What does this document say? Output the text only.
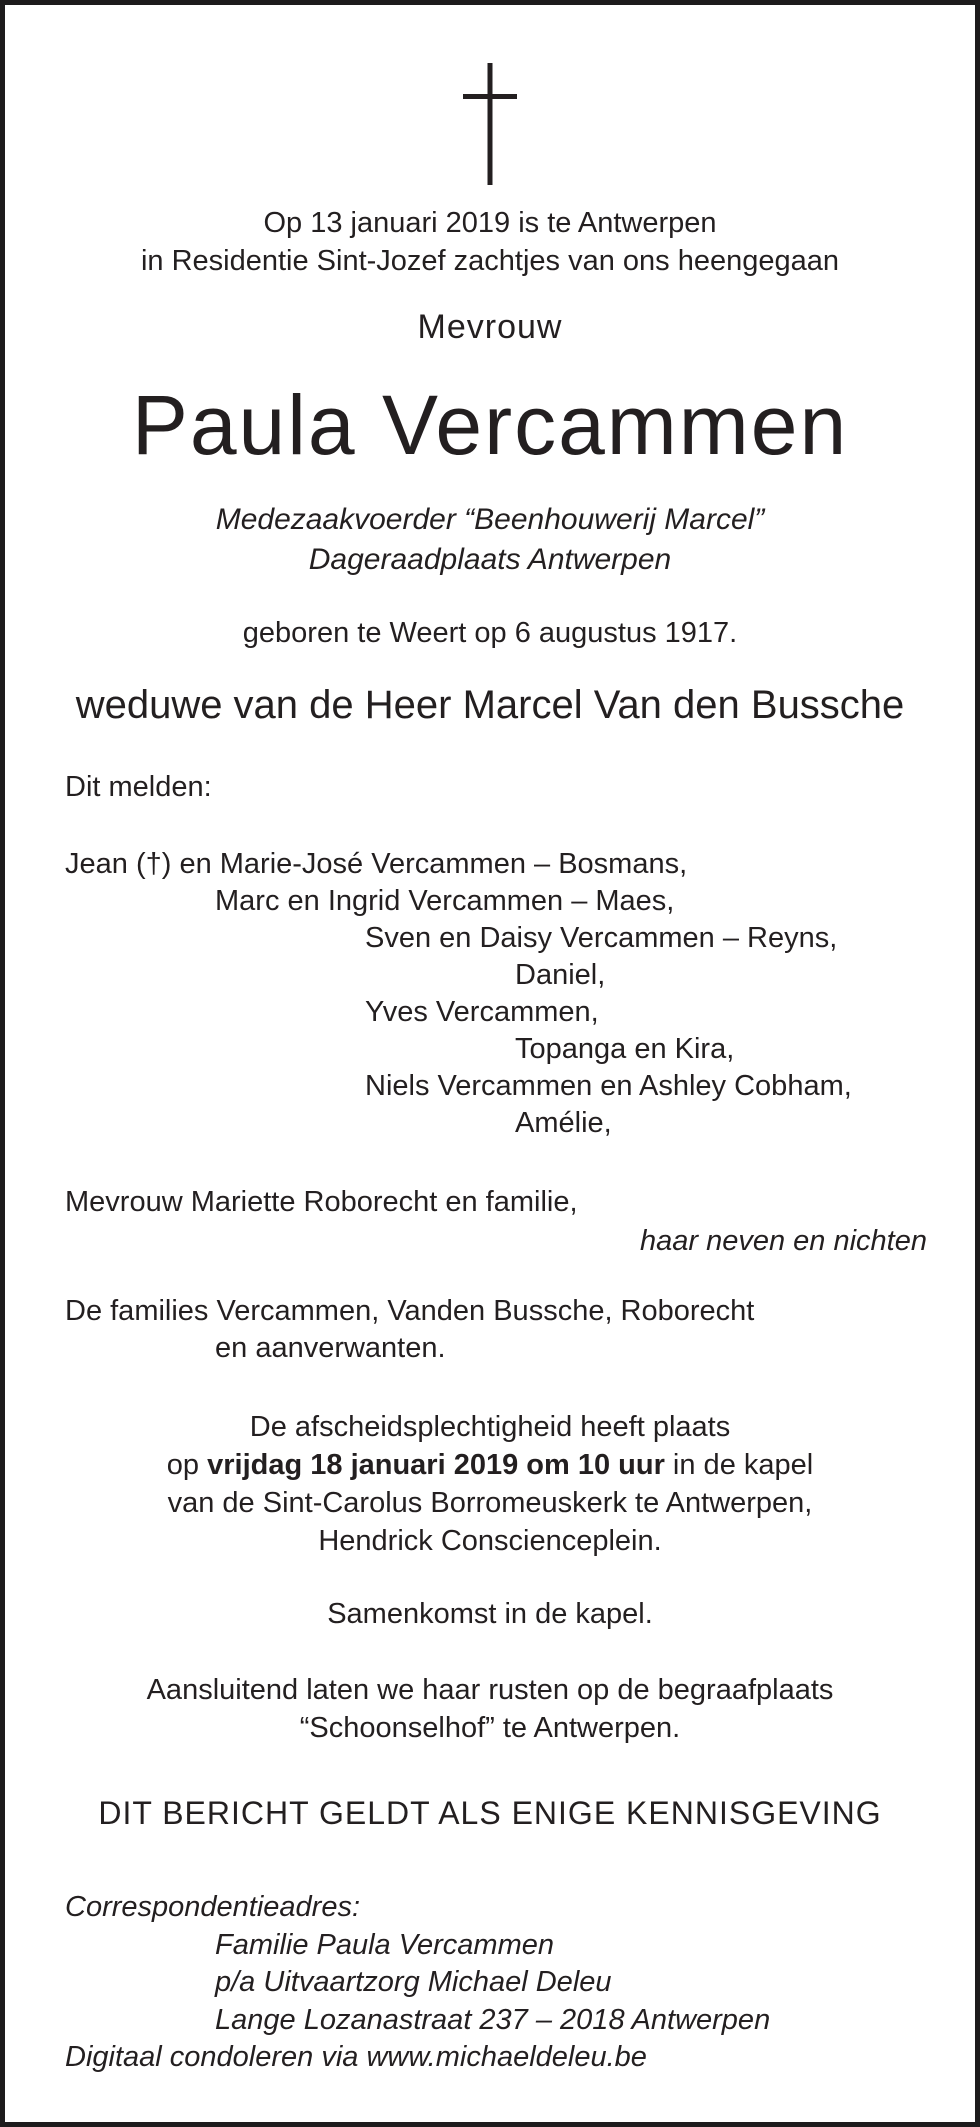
Op 13 januari 2019 is te Antwerpen
in Residentie Sint-Jozef zachtjes van ons heengegaan
Mevrouw
Paula Vercammen
Medezaakvoerder “Beenhouwerij Marcel”
Dageraadplaats Antwerpen
geboren te Weert op 6 augustus 1917.
weduwe van de Heer Marcel Van den Bussche
Dit melden:
Jean (†) en Marie-José Vercammen – Bosmans,
Marc en Ingrid Vercammen – Maes,
Sven en Daisy Vercammen – Reyns,
Daniel,
Yves Vercammen,
Topanga en Kira,
Niels Vercammen en Ashley Cobham,
Amélie,
Mevrouw Mariette Roborecht en familie,
haar neven en nichten
De families Vercammen, Vanden Bussche, Roborecht
en aanverwanten.
De afscheidsplechtigheid heeft plaats
op vrijdag 18 januari 2019 om 10 uur in de kapel
van de Sint-Carolus Borromeuskerk te Antwerpen,
Hendrick Conscienceplein.
Samenkomst in de kapel.
Aansluitend laten we haar rusten op de begraafplaats
“Schoonselhof” te Antwerpen.
DIT BERICHT GELDT ALS ENIGE KENNISGEVING
Correspondentieadres:
Familie Paula Vercammen
p/a Uitvaartzorg Michael Deleu
Lange Lozanastraat 237 – 2018 Antwerpen
Digitaal condoleren via www.michaeldeleu.be
